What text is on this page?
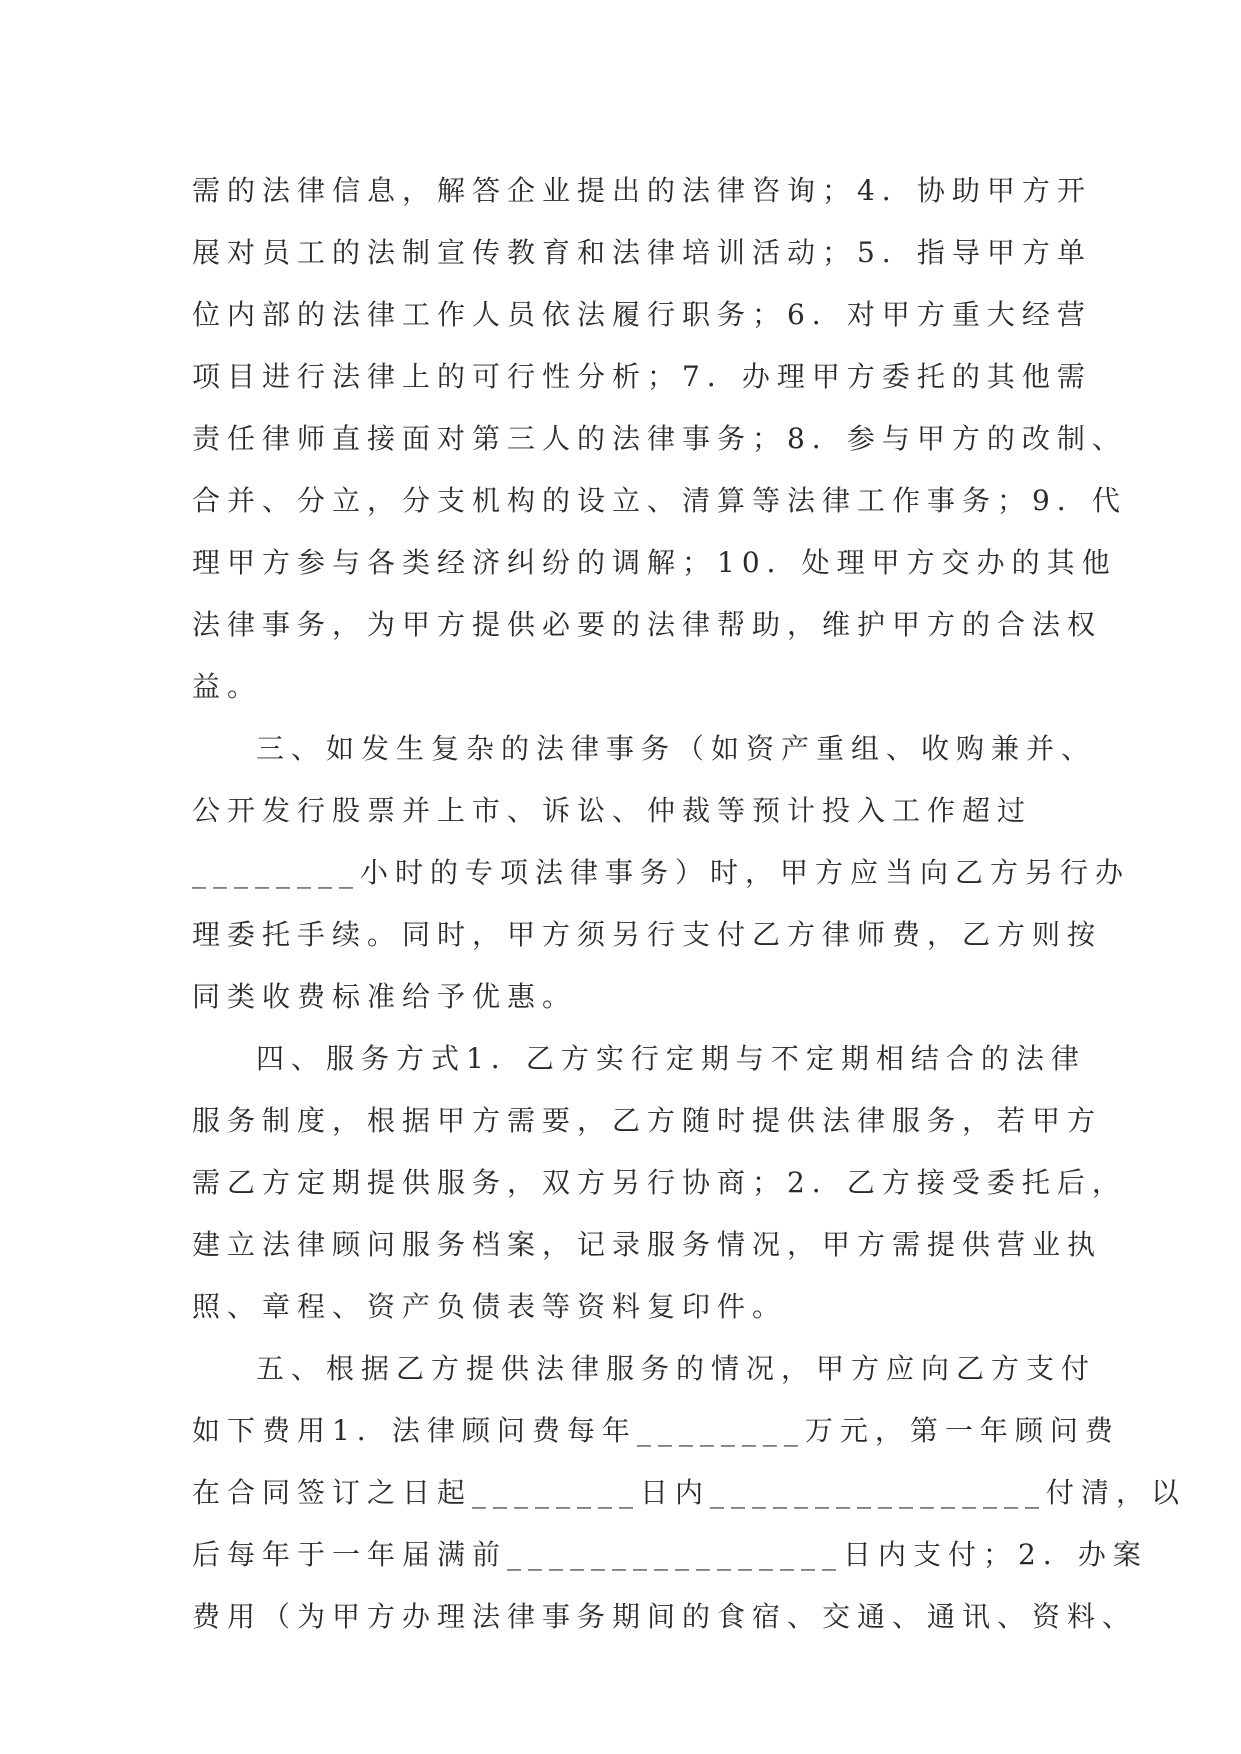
需的法律信息，解答企业提出的法律咨询；4．协助甲方开
展对员工的法制宣传教育和法律培训活动；5．指导甲方单
位内部的法律工作人员依法履行职务；6．对甲方重大经营
项目进行法律上的可行性分析；7．办理甲方委托的其他需
责任律师直接面对第三人的法律事务；8．参与甲方的改制、
合并、分立，分支机构的设立、清算等法律工作事务；9．代
理甲方参与各类经济纠纷的调解；10．处理甲方交办的其他
法律事务，为甲方提供必要的法律帮助，维护甲方的合法权
益。
三、如发生复杂的法律事务（如资产重组、收购兼并、
公开发行股票并上市、诉讼、仲裁等预计投入工作超过
________小时的专项法律事务）时，甲方应当向乙方另行办
理委托手续。同时，甲方须另行支付乙方律师费，乙方则按
同类收费标准给予优惠。
四、服务方式1．乙方实行定期与不定期相结合的法律
服务制度，根据甲方需要，乙方随时提供法律服务，若甲方
需乙方定期提供服务，双方另行协商；2．乙方接受委托后，
建立法律顾问服务档案，记录服务情况，甲方需提供营业执
照、章程、资产负债表等资料复印件。
五、根据乙方提供法律服务的情况，甲方应向乙方支付
如下费用1．法律顾问费每年________万元，第一年顾问费
在合同签订之日起________日内________________付清，以
后每年于一年届满前________________日内支付；2．办案
费用（为甲方办理法律事务期间的食宿、交通、通讯、资料、
